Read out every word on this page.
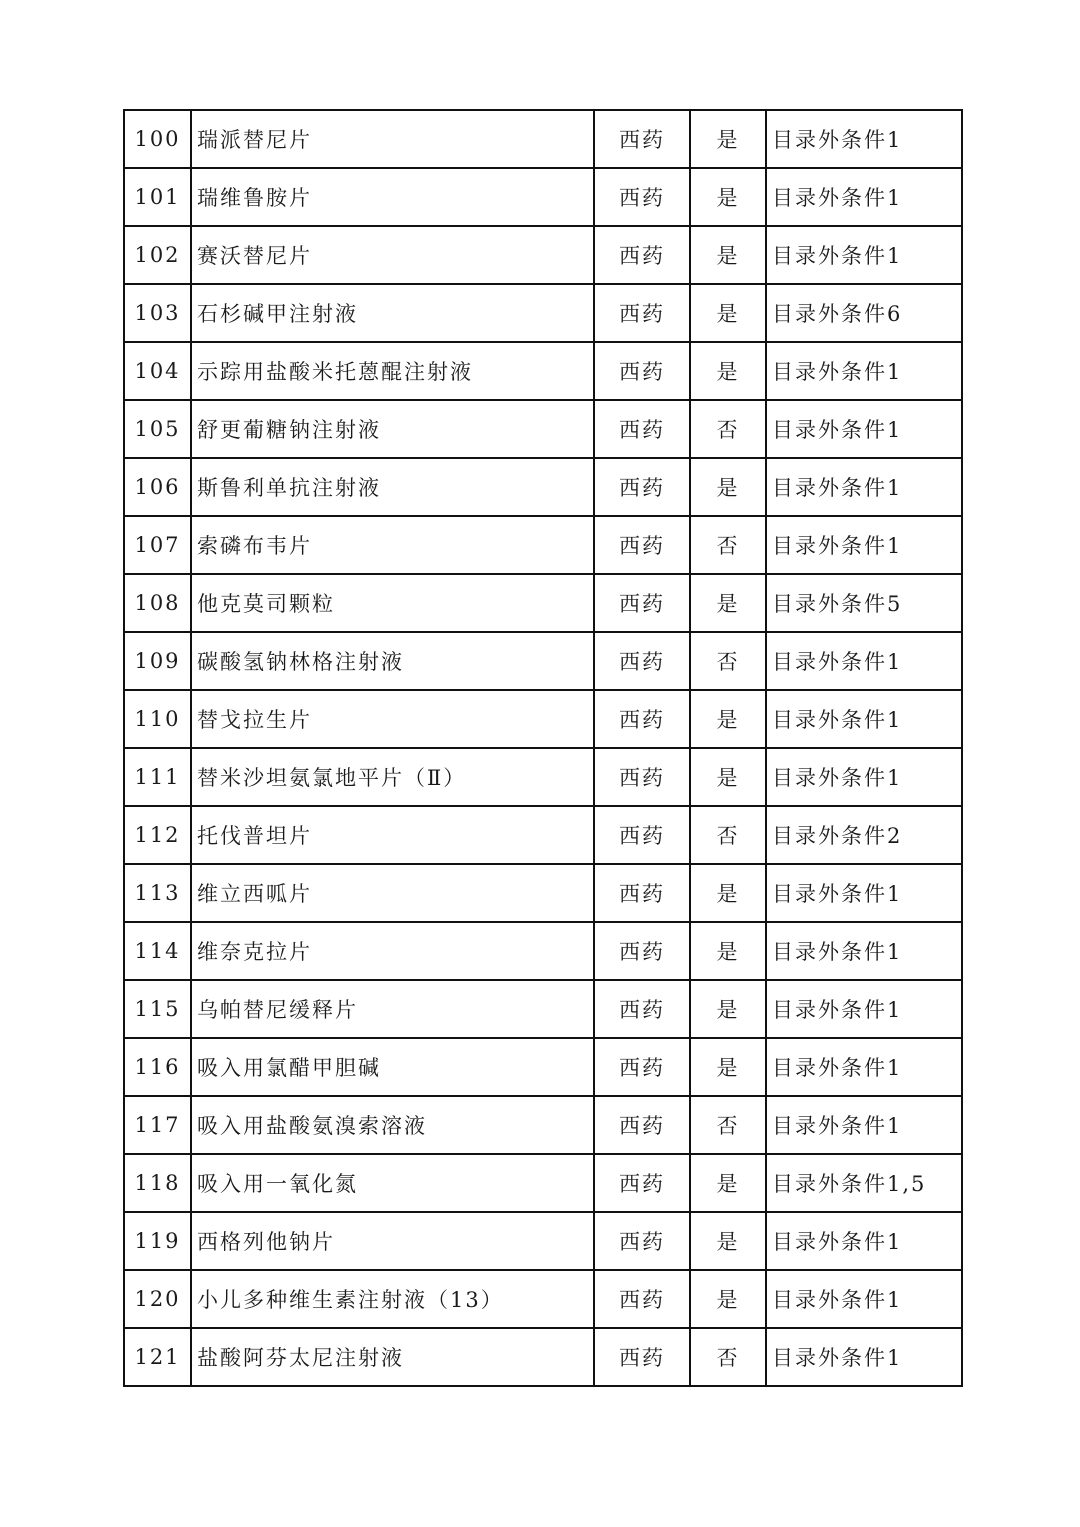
100	瑞派替尼片	西药	是	目录外条件1
101	瑞维鲁胺片	西药	是	目录外条件1
102	赛沃替尼片	西药	是	目录外条件1
103	石杉碱甲注射液	西药	是	目录外条件6
104	示踪用盐酸米托蒽醌注射液	西药	是	目录外条件1
105	舒更葡糖钠注射液	西药	否	目录外条件1
106	斯鲁利单抗注射液	西药	是	目录外条件1
107	索磷布韦片	西药	否	目录外条件1
108	他克莫司颗粒	西药	是	目录外条件5
109	碳酸氢钠林格注射液	西药	否	目录外条件1
110	替戈拉生片	西药	是	目录外条件1
111	替米沙坦氨氯地平片（Ⅱ）	西药	是	目录外条件1
112	托伐普坦片	西药	否	目录外条件2
113	维立西呱片	西药	是	目录外条件1
114	维奈克拉片	西药	是	目录外条件1
115	乌帕替尼缓释片	西药	是	目录外条件1
116	吸入用氯醋甲胆碱	西药	是	目录外条件1
117	吸入用盐酸氨溴索溶液	西药	否	目录外条件1
118	吸入用一氧化氮	西药	是	目录外条件1,5
119	西格列他钠片	西药	是	目录外条件1
120	小儿多种维生素注射液（13）	西药	是	目录外条件1
121	盐酸阿芬太尼注射液	西药	否	目录外条件1
